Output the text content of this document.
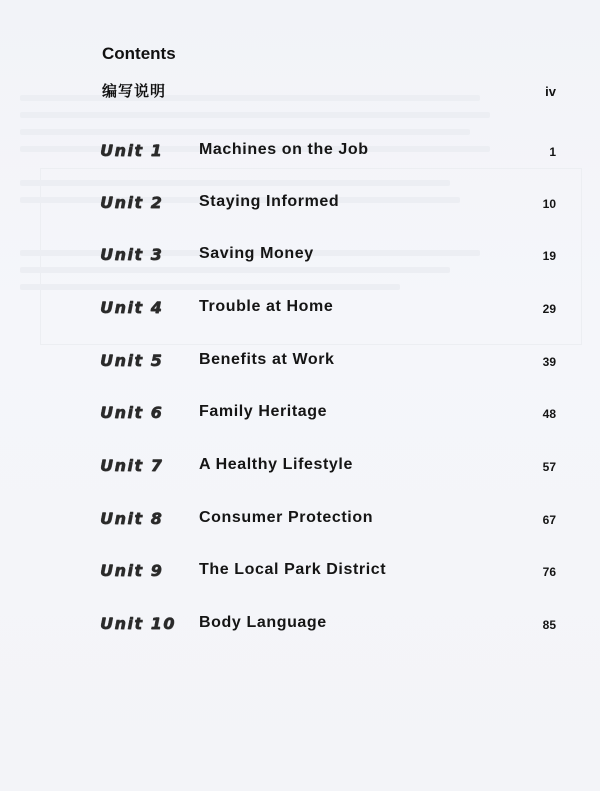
Contents
编写说明	iv
Unit 1 Machines on the Job	1
Unit 2 Staying Informed	10
Unit 3 Saving Money	19
Unit 4 Trouble at Home	29
Unit 5 Benefits at Work	39
Unit 6 Family Heritage	48
Unit 7 A Healthy Lifestyle	57
Unit 8 Consumer Protection	67
Unit 9 The Local Park District	76
Unit 10 Body Language	85
